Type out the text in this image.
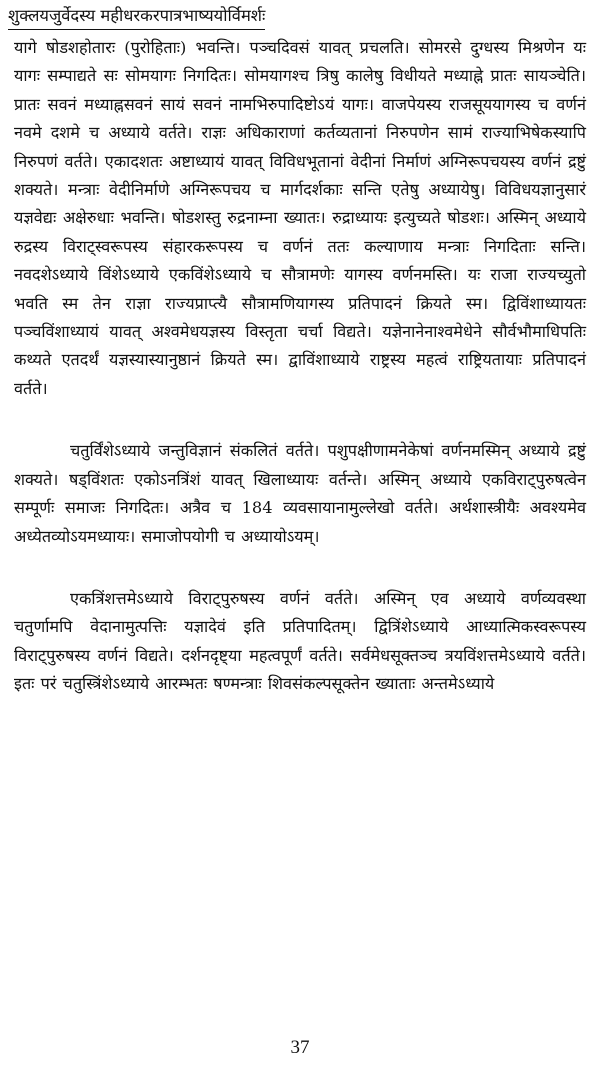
शुक्लयजुर्वेदस्य महीधरकरपात्रभाष्ययोर्विमर्शः

यागे षोडशहोतारः (पुरोहिताः) भवन्ति। पञ्चदिवसं यावत् प्रचलति। सोमरसे दुग्धस्य मिश्रणेन यः यागः सम्पाद्यते सः सोमयागः निगदितः। सोमयागश्च त्रिषु कालेषु विधीयते मध्याह्ने प्रातः सायञ्चेति। प्रातः सवनं मध्याह्नसवनं सायं सवनं नामभिरुपादिष्टोऽयं यागः। वाजपेयस्य राजसूययागस्य च वर्णनं नवमे दशमे च अध्याये वर्तते। राज्ञः अधिकाराणां कर्तव्यतानां निरुपणेन सामं राज्याभिषेकस्यापि निरुपणं वर्तते। एकादशतः अष्टाध्यायं यावत् विविधभूतानां वेदीनां निर्माणं अग्निरूपचयस्य वर्णनं द्रष्टुं शक्यते। मन्त्राः वेदीनिर्माणे अग्निरूपचय च मार्गदर्शकाः सन्ति एतेषु अध्यायेषु। विविधयज्ञानुसारं यज्ञवेद्यः अक्षेरुधाः भवन्ति। षोडशस्तु रुद्रनाम्ना ख्यातः। रुद्राध्यायः इत्युच्यते षोडशः। अस्मिन् अध्याये रुद्रस्य विराट्स्वरूपस्य संहारकरूपस्य च वर्णनं ततः कल्याणाय मन्त्राः निगदिताः सन्ति। नवदशेऽध्याये विंशेऽध्याये एकविंशेऽध्याये च सौत्रामणेः यागस्य वर्णनमस्ति। यः राजा राज्यच्युतो भवति स्म तेन राज्ञा राज्यप्राप्त्यै सौत्रामणियागस्य प्रतिपादनं क्रियते स्म। द्विविंशाध्यायतः पञ्चविंशाध्यायं यावत् अश्वमेधयज्ञस्य विस्तृता चर्चा विद्यते। यज्ञेनानेनाश्वमेधेने सौर्वभौमाधिपतिः कथ्यते एतदर्थं यज्ञस्यास्यानुष्ठानं क्रियते स्म। द्वाविंशाध्याये राष्ट्रस्य महत्वं राष्ट्रियतायाः प्रतिपादनं वर्तते।

चतुर्विंशेऽध्याये जन्तुविज्ञानं संकलितं वर्तते। पशुपक्षीणामनेकेषां वर्णनमस्मिन् अध्याये द्रष्टुं शक्यते। षड्विंशतः एकोऽनत्रिंशं यावत् खिलाध्यायः वर्तन्ते। अस्मिन् अध्याये एकविराट्पुरुषत्वेन सम्पूर्णः समाजः निगदितः। अत्रैव च 184 व्यवसायानामुल्लेखो वर्तते। अर्थशास्त्रीयैः अवश्यमेव अध्येतव्योऽयमध्यायः। समाजोपयोगी च अध्यायोऽयम्।

एकत्रिंशत्तमेऽध्याये विराट्पुरुषस्य वर्णनं वर्तते। अस्मिन् एव अध्याये वर्णव्यवस्था चतुर्णामपि वेदानामुत्पत्तिः यज्ञादेवं इति प्रतिपादितम्। द्वित्रिंशेऽध्याये आध्यात्मिकस्वरूपस्य विराट्पुरुषस्य वर्णनं विद्यते। दर्शनदृष्ट्या महत्वपूर्णं वर्तते। सर्वमेधसूक्तञ्च त्रयविंशत्तमेऽध्याये वर्तते। इतः परं चतुस्त्रिंशेऽध्याये आरम्भतः षण्मन्त्राः शिवसंकल्पसूक्तेन ख्याताः अन्तमेऽध्याये

37
